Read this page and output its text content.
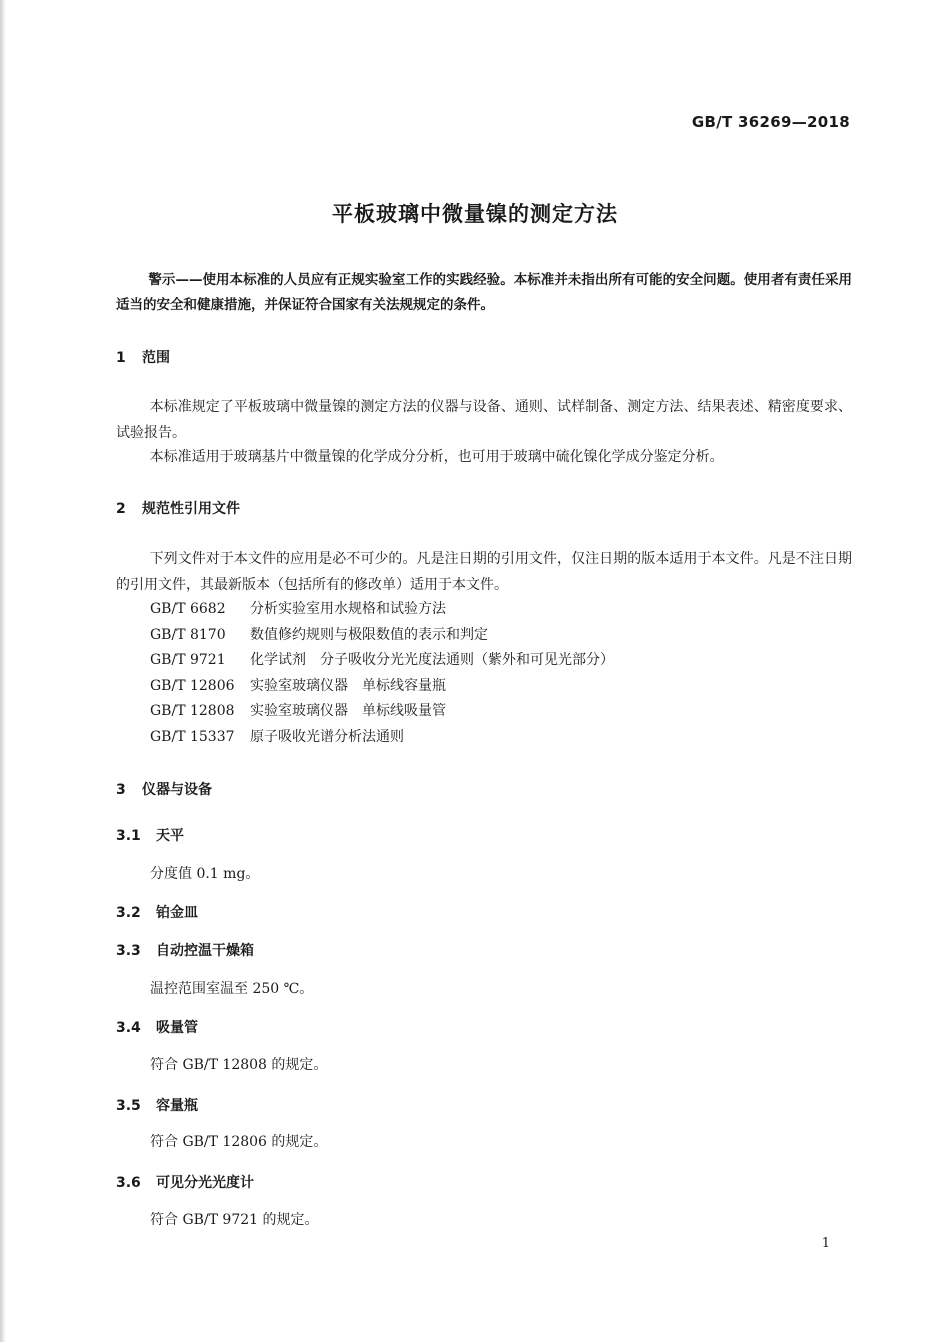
GB/T 36269—2018
平板玻璃中微量镍的测定方法
警示——使用本标准的人员应有正规实验室工作的实践经验。本标准并未指出所有可能的安全问题。使用者有责任采用适当的安全和健康措施，并保证符合国家有关法规规定的条件。
1 范围
本标准规定了平板玻璃中微量镍的测定方法的仪器与设备、通则、试样制备、测定方法、结果表述、精密度要求、试验报告。
本标准适用于玻璃基片中微量镍的化学成分分析，也可用于玻璃中硫化镍化学成分鉴定分析。
2 规范性引用文件
下列文件对于本文件的应用是必不可少的。凡是注日期的引用文件，仅注日期的版本适用于本文件。凡是不注日期的引用文件，其最新版本（包括所有的修改单）适用于本文件。
GB/T 6682 分析实验室用水规格和试验方法
GB/T 8170 数值修约规则与极限数值的表示和判定
GB/T 9721 化学试剂　分子吸收分光光度法通则（紫外和可见光部分）
GB/T 12806 实验室玻璃仪器　单标线容量瓶
GB/T 12808 实验室玻璃仪器　单标线吸量管
GB/T 15337 原子吸收光谱分析法通则
3 仪器与设备
3.1 天平
分度值 0.1 mg。
3.2 铂金皿
3.3 自动控温干燥箱
温控范围室温至 250 ℃。
3.4 吸量管
符合 GB/T 12808 的规定。
3.5 容量瓶
符合 GB/T 12806 的规定。
3.6 可见分光光度计
符合 GB/T 9721 的规定。
1
